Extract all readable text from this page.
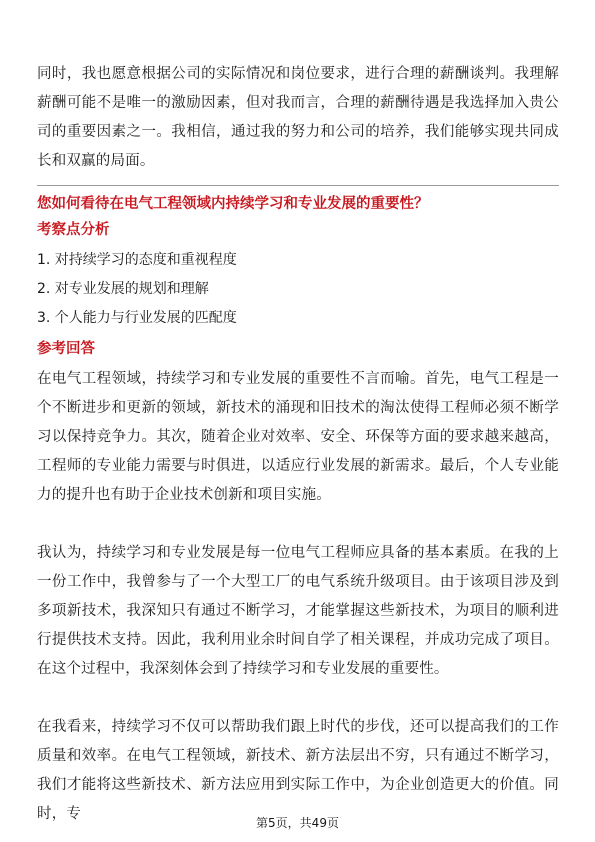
同时，我也愿意根据公司的实际情况和岗位要求，进行合理的薪酬谈判。我理解薪酬可能不是唯一的激励因素，但对我而言，合理的薪酬待遇是我选择加入贵公司的重要因素之一。我相信，通过我的努力和公司的培养，我们能够实现共同成长和双赢的局面。

您如何看待在电气工程领域内持续学习和专业发展的重要性？
考察点分析
1. 对持续学习的态度和重视程度
2. 对专业发展的规划和理解
3. 个人能力与行业发展的匹配度
参考回答

在电气工程领域，持续学习和专业发展的重要性不言而喻。首先，电气工程是一个不断进步和更新的领域，新技术的涌现和旧技术的淘汰使得工程师必须不断学习以保持竞争力。其次，随着企业对效率、安全、环保等方面的要求越来越高，工程师的专业能力需要与时俱进，以适应行业发展的新需求。最后，个人专业能力的提升也有助于企业技术创新和项目实施。

我认为，持续学习和专业发展是每一位电气工程师应具备的基本素质。在我的上一份工作中，我曾参与了一个大型工厂的电气系统升级项目。由于该项目涉及到多项新技术，我深知只有通过不断学习，才能掌握这些新技术，为项目的顺利进行提供技术支持。因此，我利用业余时间自学了相关课程，并成功完成了项目。在这个过程中，我深刻体会到了持续学习和专业发展的重要性。

在我看来，持续学习不仅可以帮助我们跟上时代的步伐，还可以提高我们的工作质量和效率。在电气工程领域，新技术、新方法层出不穷，只有通过不断学习，我们才能将这些新技术、新方法应用到实际工作中，为企业创造更大的价值。同时，专

第5页，共49页
